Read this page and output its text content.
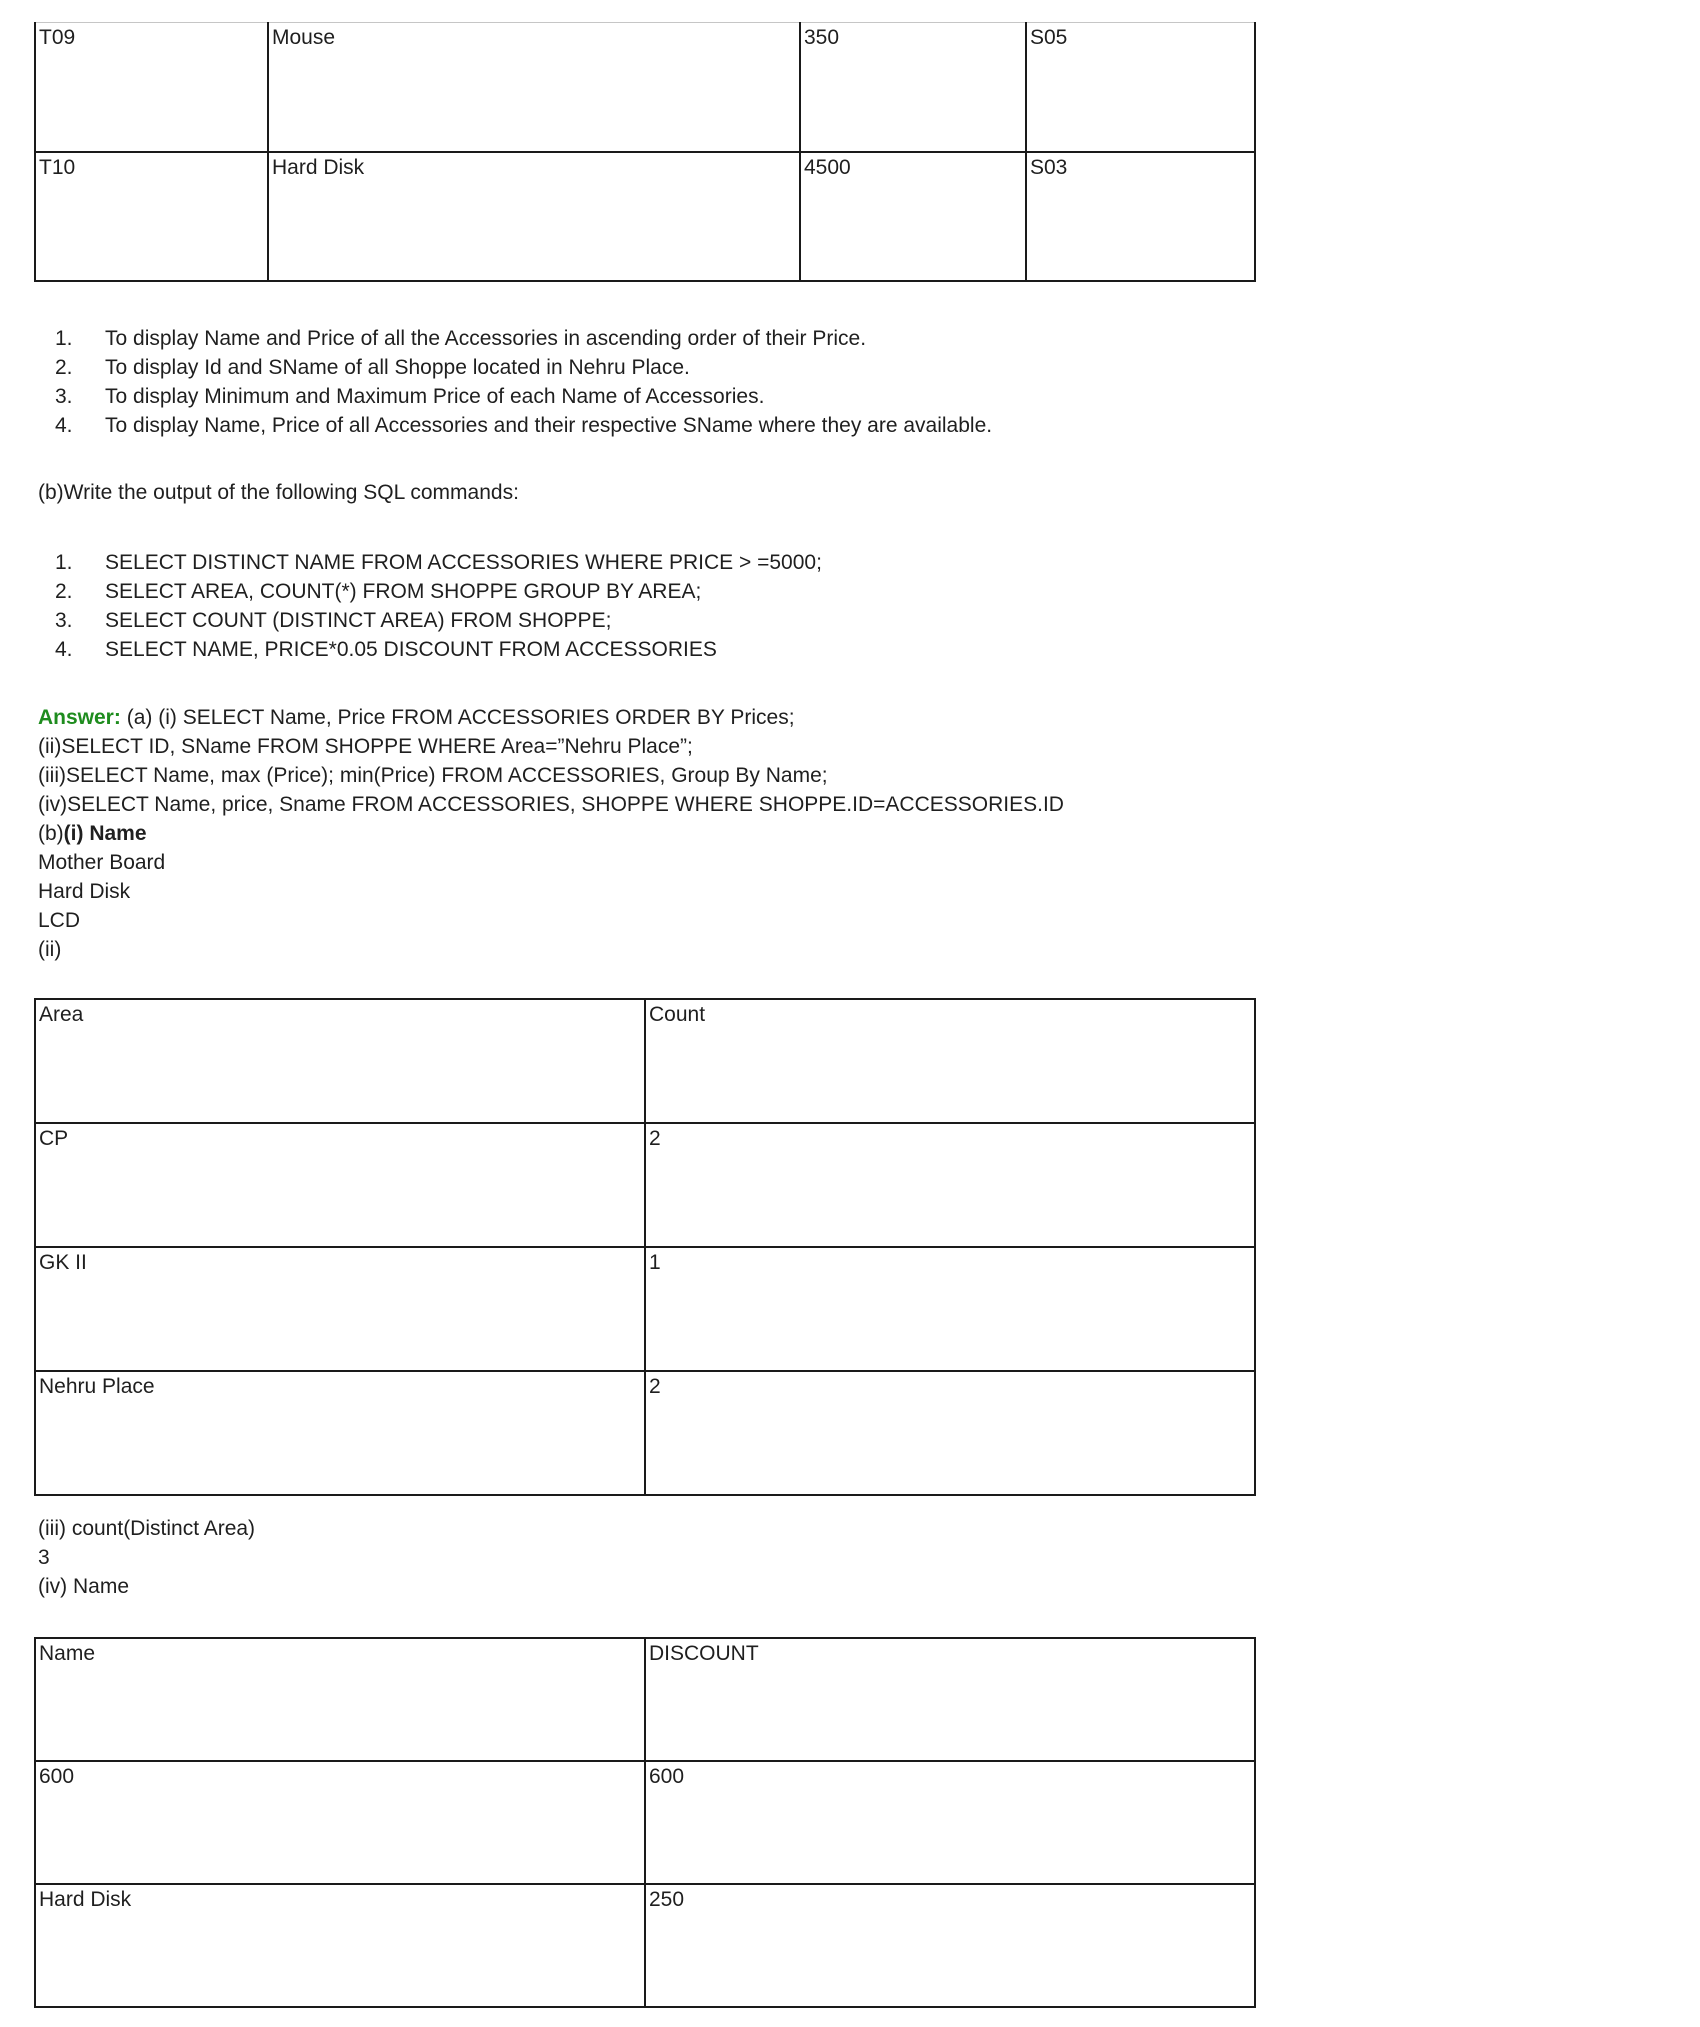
T09	Mouse	350	S05
T10	Hard Disk	4500	S03
1.	To display Name and Price of all the Accessories in ascending order of their Price.
2.	To display Id and SName of all Shoppe located in Nehru Place.
3.	To display Minimum and Maximum Price of each Name of Accessories.
4.	To display Name, Price of all Accessories and their respective SName where they are available.
(b)Write the output of the following SQL commands:
1.	SELECT DISTINCT NAME FROM ACCESSORIES WHERE PRICE > =5000;
2.	SELECT AREA, COUNT(*) FROM SHOPPE GROUP BY AREA;
3.	SELECT COUNT (DISTINCT AREA) FROM SHOPPE;
4.	SELECT NAME, PRICE*0.05 DISCOUNT FROM ACCESSORIES
Answer: (a) (i) SELECT Name, Price FROM ACCESSORIES ORDER BY Prices;
(ii)SELECT ID, SName FROM SHOPPE WHERE Area=”Nehru Place”;
(iii)SELECT Name, max (Price); min(Price) FROM ACCESSORIES, Group By Name;
(iv)SELECT Name, price, Sname FROM ACCESSORIES, SHOPPE WHERE SHOPPE.ID=ACCESSORIES.ID
(b)(i) Name
Mother Board
Hard Disk
LCD
(ii)
Area	Count
CP	2
GK II	1
Nehru Place	2
(iii) count(Distinct Area)
3
(iv) Name
Name	DISCOUNT
600	600
Hard Disk	250
